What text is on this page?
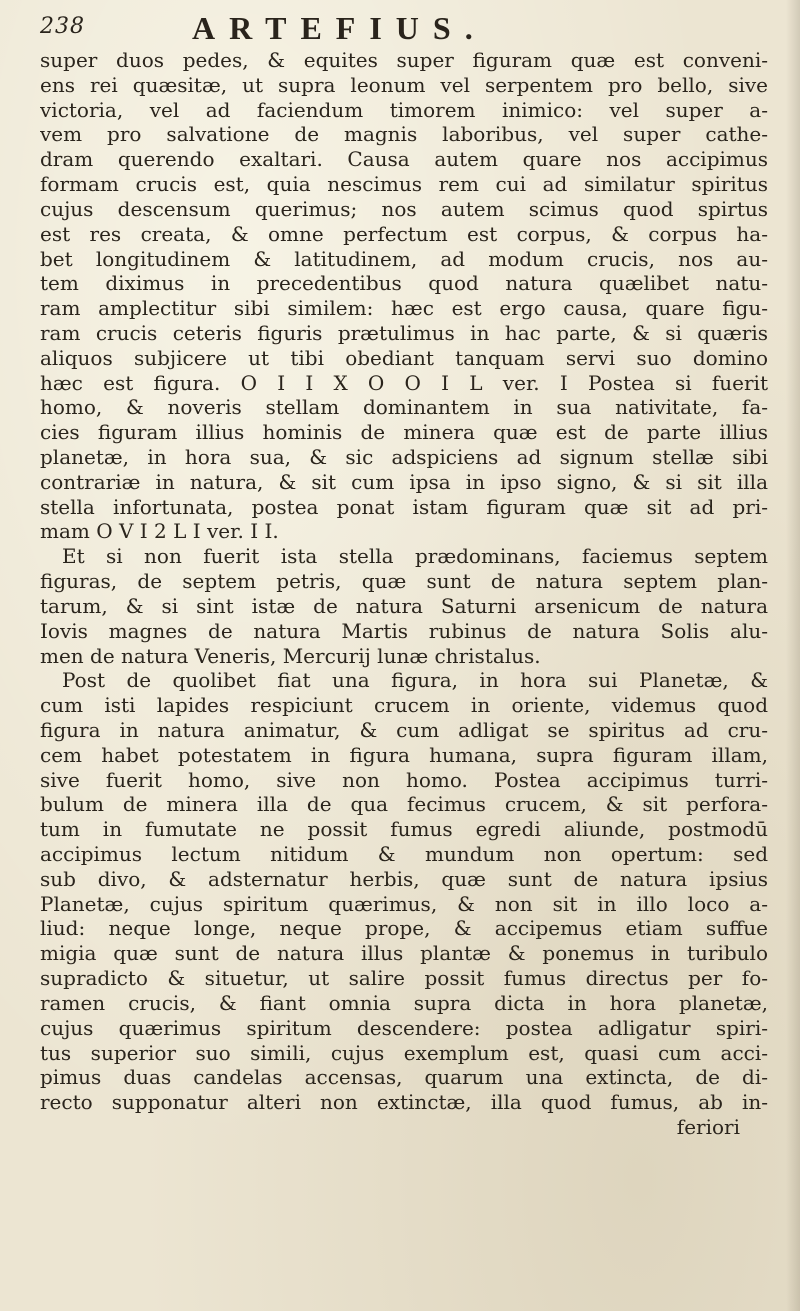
238	ARTEFIUS.
super duos pedes, & equites super figuram quæ est conveni-
ens rei quæsitæ, ut supra leonum vel serpentem pro bello, sive
victoria, vel ad faciendum timorem inimico: vel super a-
vem pro salvatione de magnis laboribus, vel super cathe-
dram querendo exaltari. Causa autem quare nos accipimus
formam crucis est, quia nescimus rem cui ad similatur spiritus
cujus descensum querimus; nos autem scimus quod spirtus
est res creata, & omne perfectum est corpus, & corpus ha-
bet longitudinem & latitudinem, ad modum crucis, nos au-
tem diximus in precedentibus quod natura quælibet natu-
ram amplectitur sibi similem: hæc est ergo causa, quare figu-
ram crucis ceteris figuris prætulimus in hac parte, & si quæris
aliquos subjicere ut tibi obediant tanquam servi suo domino
hæc est figura. O I I X O O I L ver. I Postea si fuerit
homo, & noveris stellam dominantem in sua nativitate, fa-
cies figuram illius hominis de minera quæ est de parte illius
planetæ, in hora sua, & sic adspiciens ad signum stellæ sibi
contrariæ in natura, & sit cum ipsa in ipso signo, & si sit illa
stella infortunata, postea ponat istam figuram quæ sit ad pri-
mam O V I 2 L I ver. I I.
Et si non fuerit ista stella prædominans, faciemus septem
figuras, de septem petris, quæ sunt de natura septem plan-
tarum, & si sint istæ de natura Saturni arsenicum de natura
Iovis magnes de natura Martis rubinus de natura Solis alu-
men de natura Veneris, Mercurij lunæ christalus.
Post de quolibet fiat una figura, in hora sui Planetæ, &
cum isti lapides respiciunt crucem in oriente, videmus quod
figura in natura animatur, & cum adligat se spiritus ad cru-
cem habet potestatem in figura humana, supra figuram illam,
sive fuerit homo, sive non homo. Postea accipimus turri-
bulum de minera illa de qua fecimus crucem, & sit perfora-
tum in fumutate ne possit fumus egredi aliunde, postmodū
accipimus lectum nitidum & mundum non opertum: sed
sub divo, & adsternatur herbis, quæ sunt de natura ipsius
Planetæ, cujus spiritum quærimus, & non sit in illo loco a-
liud: neque longe, neque prope, & accipemus etiam suffue
migia quæ sunt de natura illus plantæ & ponemus in turibulo
supradicto & situetur, ut salire possit fumus directus per fo-
ramen crucis, & fiant omnia supra dicta in hora planetæ,
cujus quærimus spiritum descendere: postea adligatur spiri-
tus superior suo simili, cujus exemplum est, quasi cum acci-
pimus duas candelas accensas, quarum una extincta, de di-
recto supponatur alteri non extinctæ, illa quod fumus, ab in-
feriori
